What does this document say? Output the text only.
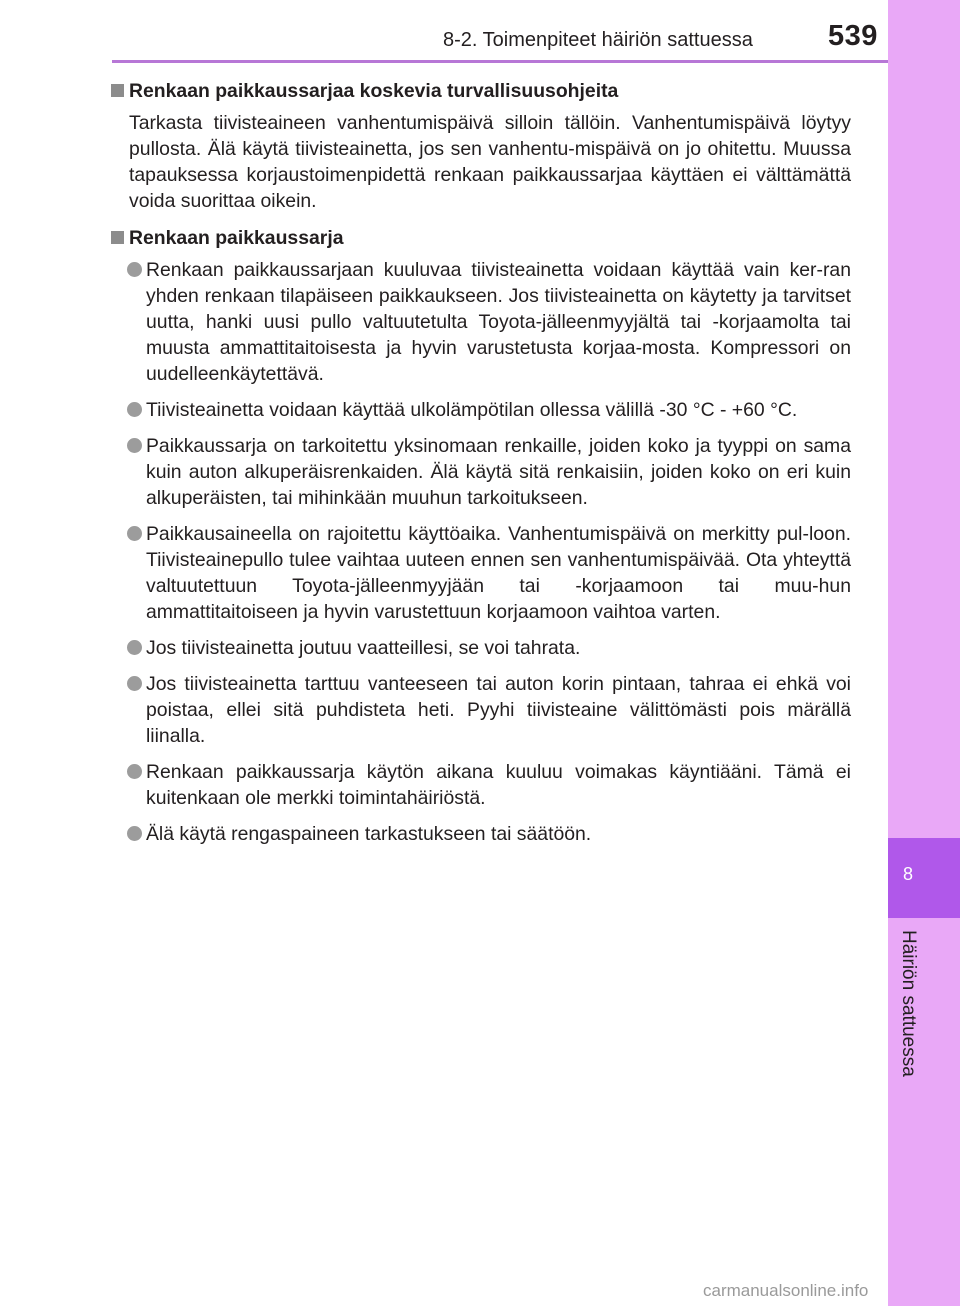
8-2. Toimenpiteet häiriön sattuessa	539
8
Häiriön sattuessa
Renkaan paikkaussarjaa koskevia turvallisuusohjeita
Tarkasta tiivisteaineen vanhentumispäivä silloin tällöin. Vanhentumispäivä löytyy pullosta. Älä käytä tiivisteainetta, jos sen vanhentu-mispäivä on jo ohitettu. Muussa tapauksessa korjaustoimenpidettä renkaan paikkaussarjaa käyttäen ei välttämättä voida suorittaa oikein.
Renkaan paikkaussarja
Renkaan paikkaussarjaan kuuluvaa tiivisteainetta voidaan käyttää vain ker-ran yhden renkaan tilapäiseen paikkaukseen. Jos tiivisteainetta on käytetty ja tarvitset uutta, hanki uusi pullo valtuutetulta Toyota-jälleenmyyjältä tai -korjaamolta tai muusta ammattitaitoisesta ja hyvin varustetusta korjaa-mosta. Kompressori on uudelleenkäytettävä.
Tiivisteainetta voidaan käyttää ulkolämpötilan ollessa välillä -30 °C - +60 °C.
Paikkaussarja on tarkoitettu yksinomaan renkaille, joiden koko ja tyyppi on sama kuin auton alkuperäisrenkaiden. Älä käytä sitä renkaisiin, joiden koko on eri kuin alkuperäisten, tai mihinkään muuhun tarkoitukseen.
Paikkausaineella on rajoitettu käyttöaika. Vanhentumispäivä on merkitty pul-loon. Tiivisteainepullo tulee vaihtaa uuteen ennen sen vanhentumispäivää. Ota yhteyttä valtuutettuun Toyota-jälleenmyyjään tai -korjaamoon tai muu-hun ammattitaitoiseen ja hyvin varustettuun korjaamoon vaihtoa varten.
Jos tiivisteainetta joutuu vaatteillesi, se voi tahrata.
Jos tiivisteainetta tarttuu vanteeseen tai auton korin pintaan, tahraa ei ehkä voi poistaa, ellei sitä puhdisteta heti. Pyyhi tiivisteaine välittömästi pois märällä liinalla.
Renkaan paikkaussarja käytön aikana kuuluu voimakas käyntiääni. Tämä ei kuitenkaan ole merkki toimintahäiriöstä.
Älä käytä rengaspaineen tarkastukseen tai säätöön.
carmanualsonline.info
